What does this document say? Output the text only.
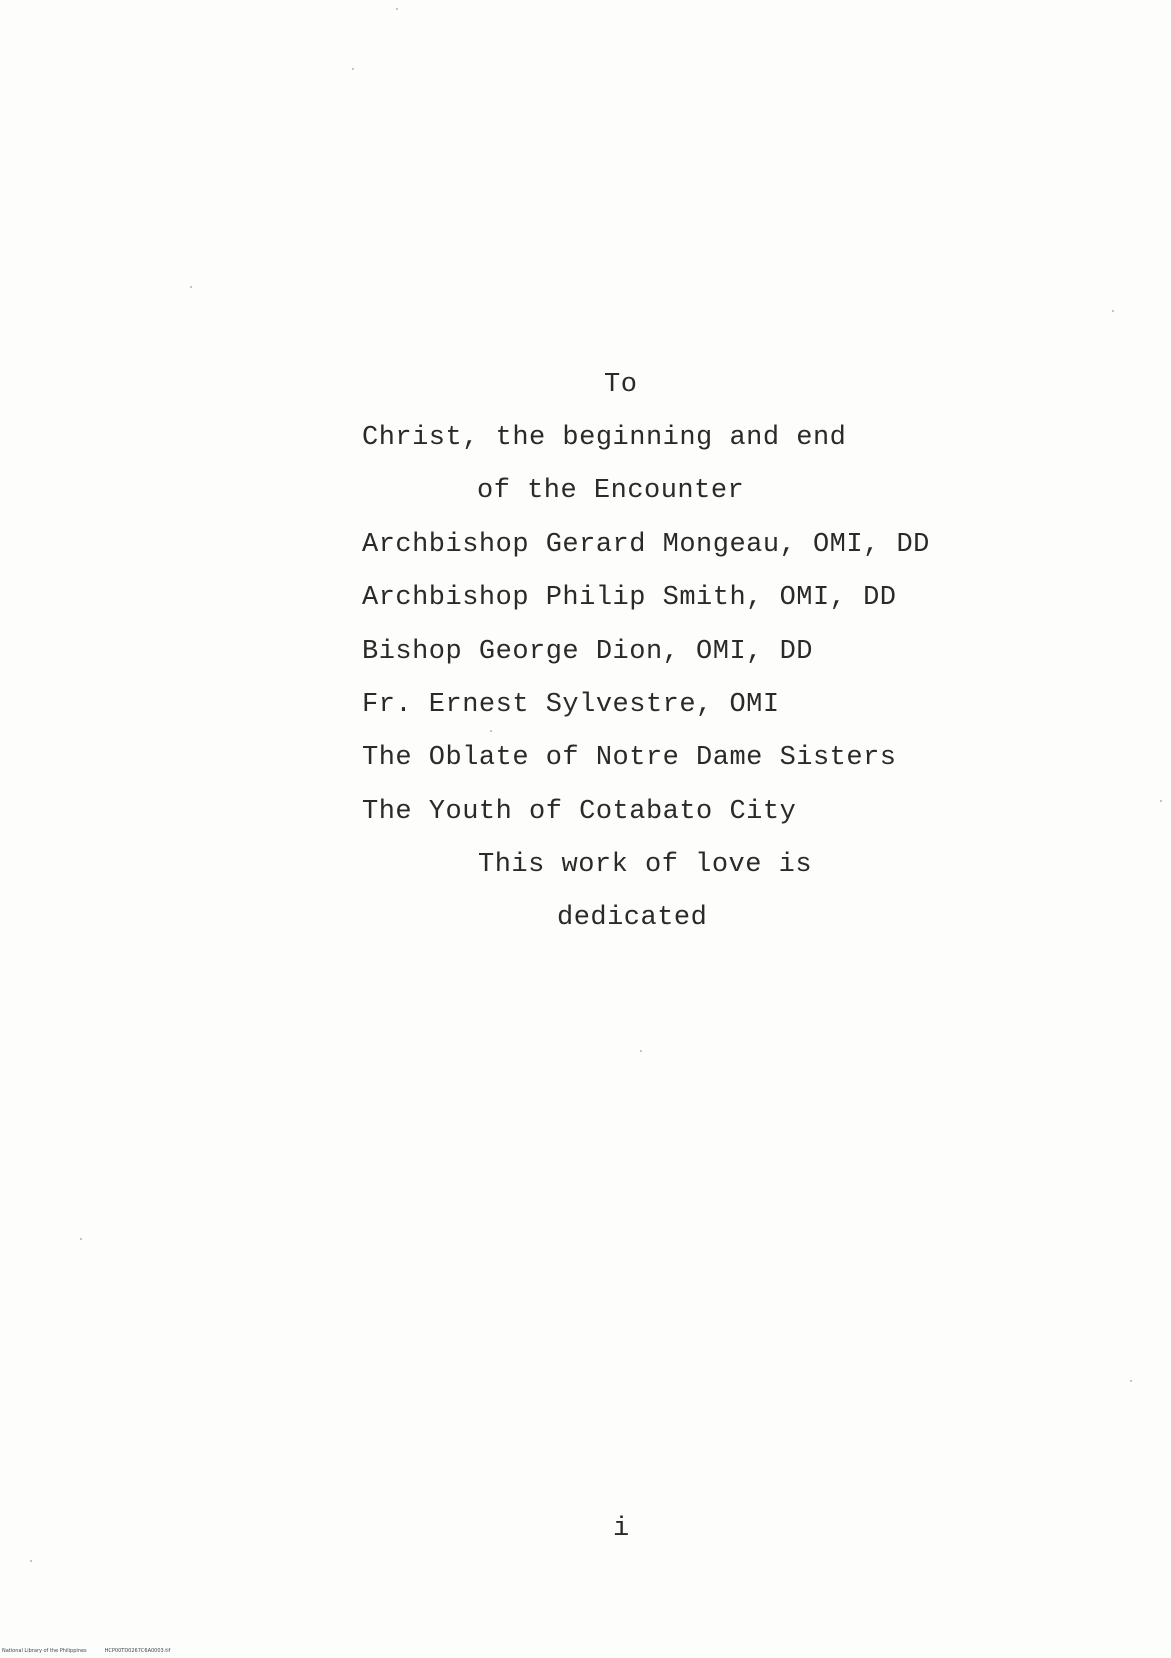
To
Christ, the beginning and end
of the Encounter
Archbishop Gerard Mongeau, OMI, DD
Archbishop Philip Smith, OMI, DD
Bishop George Dion, OMI, DD
Fr. Ernest Sylvestre, OMI
The Oblate of Notre Dame Sisters
The Youth of Cotabato City
This work of love is
dedicated
i
National Library of the Philippines	HCP00TD0267C6A0003.tif
